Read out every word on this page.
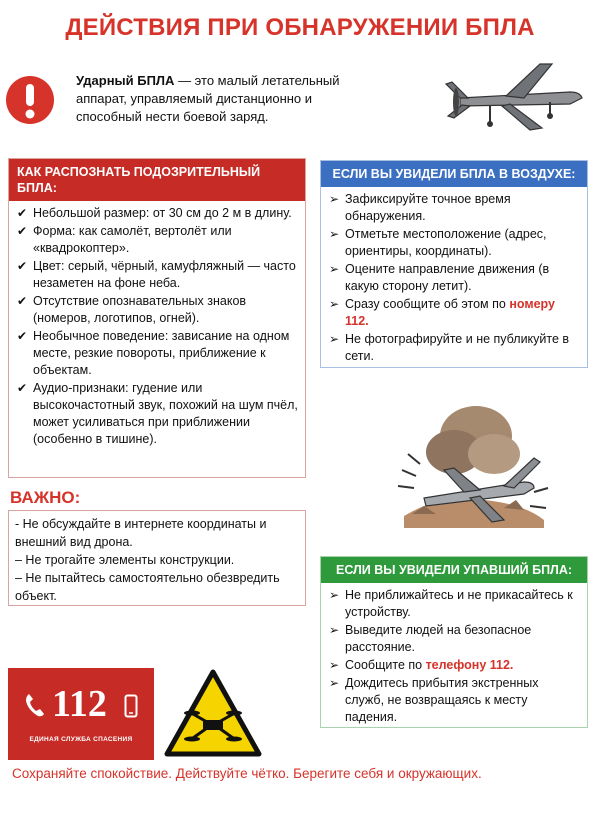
ДЕЙСТВИЯ ПРИ ОБНАРУЖЕНИИ БПЛА
Ударный БПЛА — это малый летательный аппарат, управляемый дистанционно и способный нести боевой заряд.
КАК РАСПОЗНАТЬ ПОДОЗРИТЕЛЬНЫЙ БПЛА:
✔ Небольшой размер: от 30 см до 2 м в длину.
✔ Форма: как самолёт, вертолёт или «квадрокоптер».
✔ Цвет: серый, чёрный, камуфляжный — часто незаметен на фоне неба.
✔ Отсутствие опознавательных знаков (номеров, логотипов, огней).
✔ Необычное поведение: зависание на одном месте, резкие повороты, приближение к объектам.
✔ Аудио-признаки: гудение или высокочастотный звук, похожий на шум пчёл, может усиливаться при приближении (особенно в тишине).
ЕСЛИ ВЫ УВИДЕЛИ БПЛА В ВОЗДУХЕ:
➢ Зафиксируйте точное время обнаружения.
➢ Отметьте местоположение (адрес, ориентиры, координаты).
➢ Оцените направление движения (в какую сторону летит).
➢ Сразу сообщите об этом по номеру 112.
➢ Не фотографируйте и не публикуйте в сети.
ВАЖНО:
- Не обсуждайте в интернете координаты и внешний вид дрона.
– Не трогайте элементы конструкции.
– Не пытайтесь самостоятельно обезвредить объект.
ЕСЛИ ВЫ УВИДЕЛИ УПАВШИЙ БПЛА:
➢ Не приближайтесь и не прикасайтесь к устройству.
➢ Выведите людей на безопасное расстояние.
➢ Сообщите по телефону 112.
➢ Дождитесь прибытия экстренных служб, не возвращаясь к месту падения.
112
ЕДИНАЯ СЛУЖБА СПАСЕНИЯ
Сохраняйте спокойствие. Действуйте чётко. Берегите себя и окружающих.
